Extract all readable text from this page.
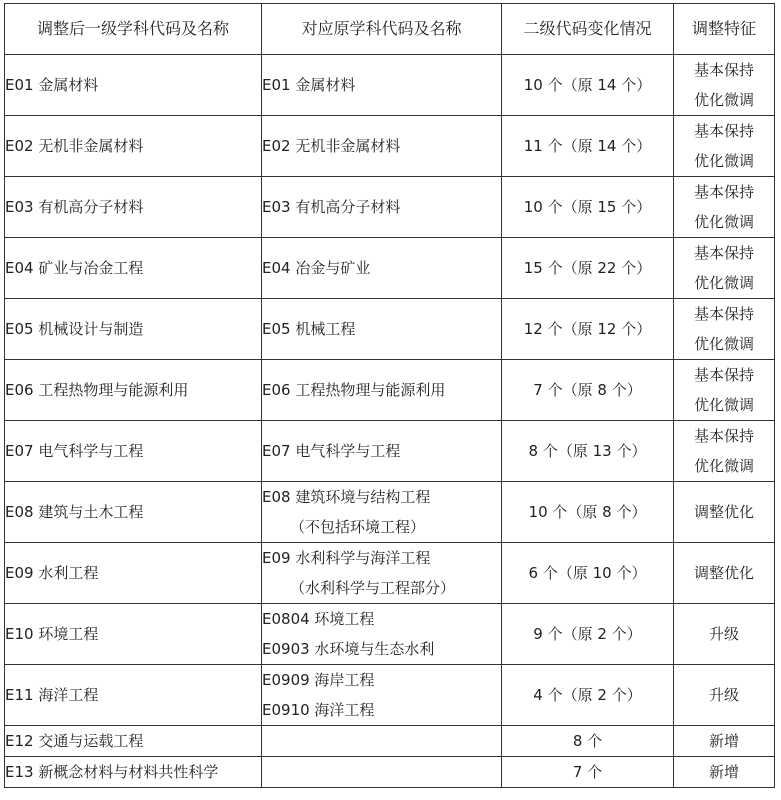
调整后一级学科代码及名称	对应原学科代码及名称	二级代码变化情况	调整特征
E01 金属材料	E01 金属材料	10 个（原 14 个）	基本保持
优化微调

E02 无机非金属材料	E02 无机非金属材料	11 个（原 14 个）	基本保持
优化微调

E03 有机高分子材料	E03 有机高分子材料	10 个（原 15 个）	基本保持
优化微调

E04 矿业与冶金工程	E04 冶金与矿业	15 个（原 22 个）	基本保持
优化微调

E05 机械设计与制造	E05 机械工程	12 个（原 12 个）	基本保持
优化微调

E06 工程热物理与能源利用	E06 工程热物理与能源利用	7 个（原 8 个）	基本保持
优化微调

E07 电气科学与工程	E07 电气科学与工程	8 个（原 13 个）	基本保持
优化微调

E08 建筑与土木工程	E08 建筑环境与结构工程
（不包括环境工程）	10 个（原 8 个）	调整优化

E09 水利工程	E09 水利科学与海洋工程
（水利科学与工程部分）	6 个（原 10 个）	调整优化

E10 环境工程	E0804 环境工程
E0903 水环境与生态水利	9 个（原 2 个）	升级

E11 海洋工程	E0909 海岸工程
E0910 海洋工程	4 个（原 2 个）	升级

E12 交通与运载工程		8 个	新增

E13 新概念材料与材料共性科学		7 个	新增
